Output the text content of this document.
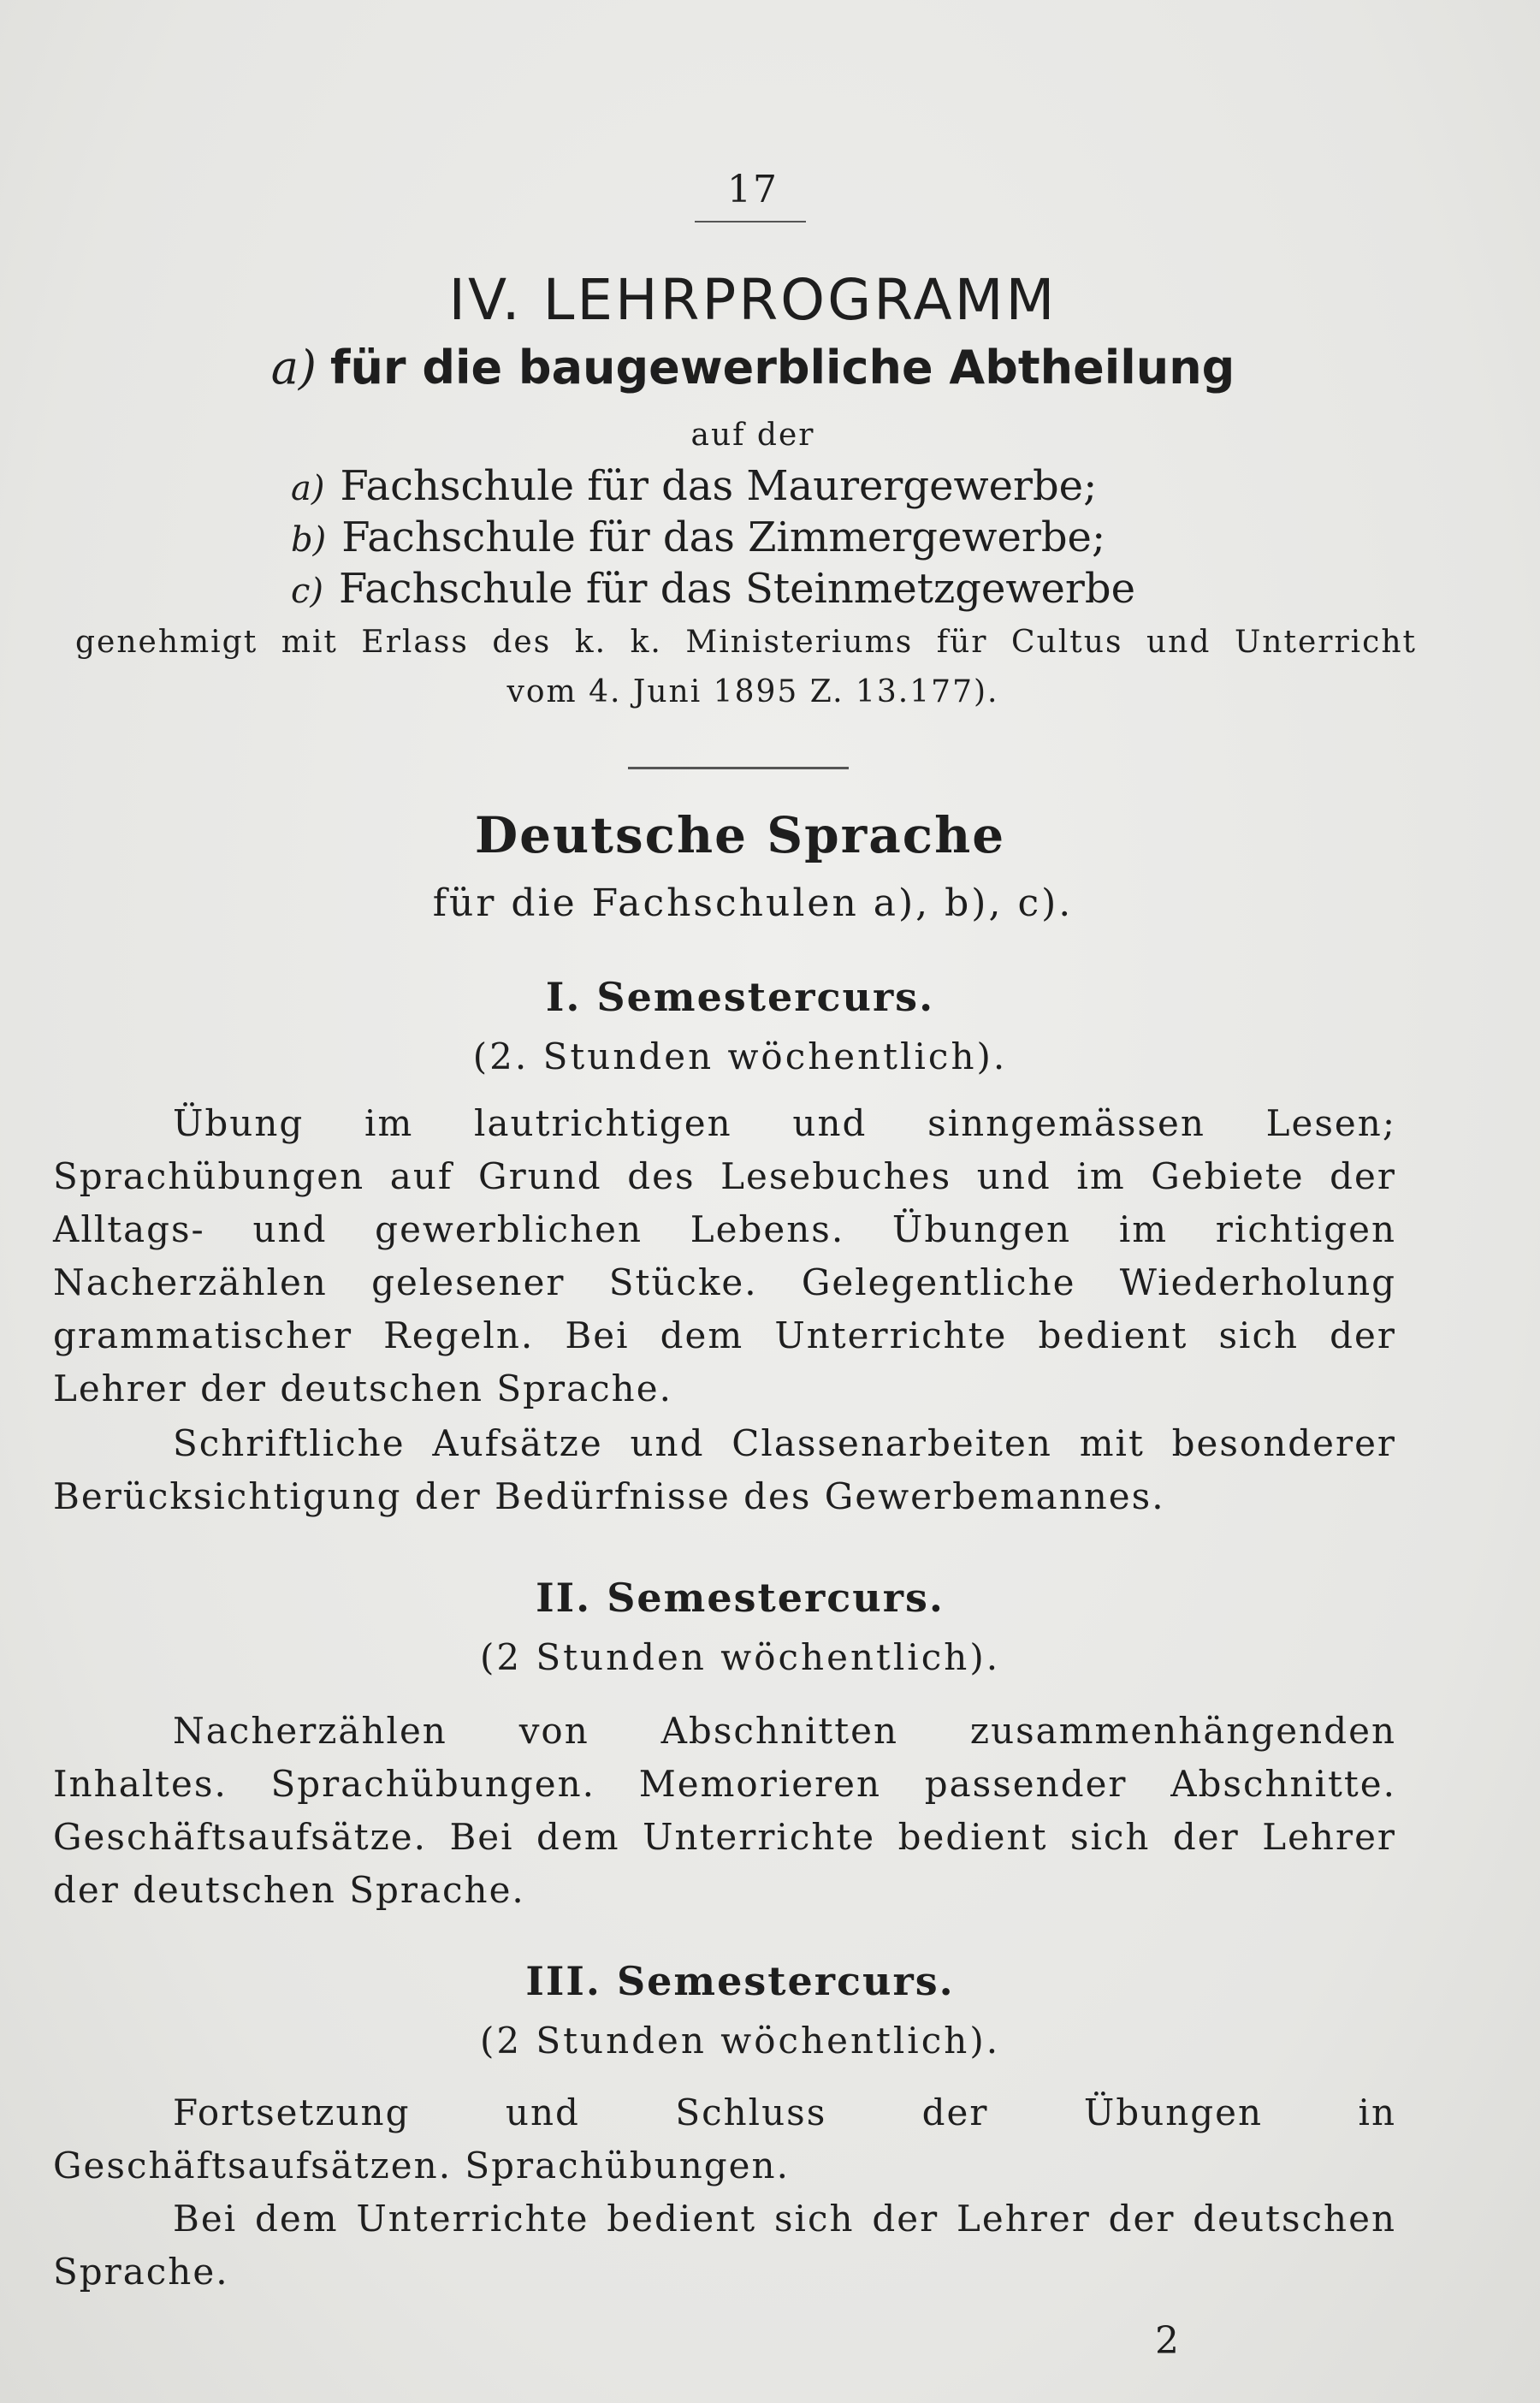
17
IV. LEHRPROGRAMM
a) für die baugewerbliche Abtheilung
auf der
a) Fachschule für das Maurergewerbe;
b) Fachschule für das Zimmergewerbe;
c) Fachschule für das Steinmetzgewerbe
genehmigt mit Erlass des k. k. Ministeriums für Cultus und Unterricht
vom 4. Juni 1895 Z. 13.177).
Deutsche Sprache
für die Fachschulen a), b), c).
I. Semestercurs.
(2. Stunden wöchentlich).

Übung im lautrichtigen und sinngemässen Lesen; Sprachübungen auf Grund des Lesebuches und im Gebiete der Alltags- und gewerblichen Lebens. Übungen im richtigen Nacherzählen gelesener Stücke. Gelegentliche Wiederholung grammatischer Regeln. Bei dem Unterrichte bedient sich der Lehrer der deutschen Sprache.

Schriftliche Aufsätze und Classenarbeiten mit besonderer Berücksichtigung der Bedürfnisse des Gewerbemannes.

II. Semestercurs.
(2 Stunden wöchentlich).

Nacherzählen von Abschnitten zusammenhängenden Inhaltes. Sprachübungen. Memorieren passender Abschnitte. Geschäftsaufsätze. Bei dem Unterrichte bedient sich der Lehrer der deutschen Sprache.

III. Semestercurs.
(2 Stunden wöchentlich).

Fortsetzung und Schluss der Übungen in Geschäftsaufsätzen. Sprachübungen.

Bei dem Unterrichte bedient sich der Lehrer der deutschen Sprache.

2
